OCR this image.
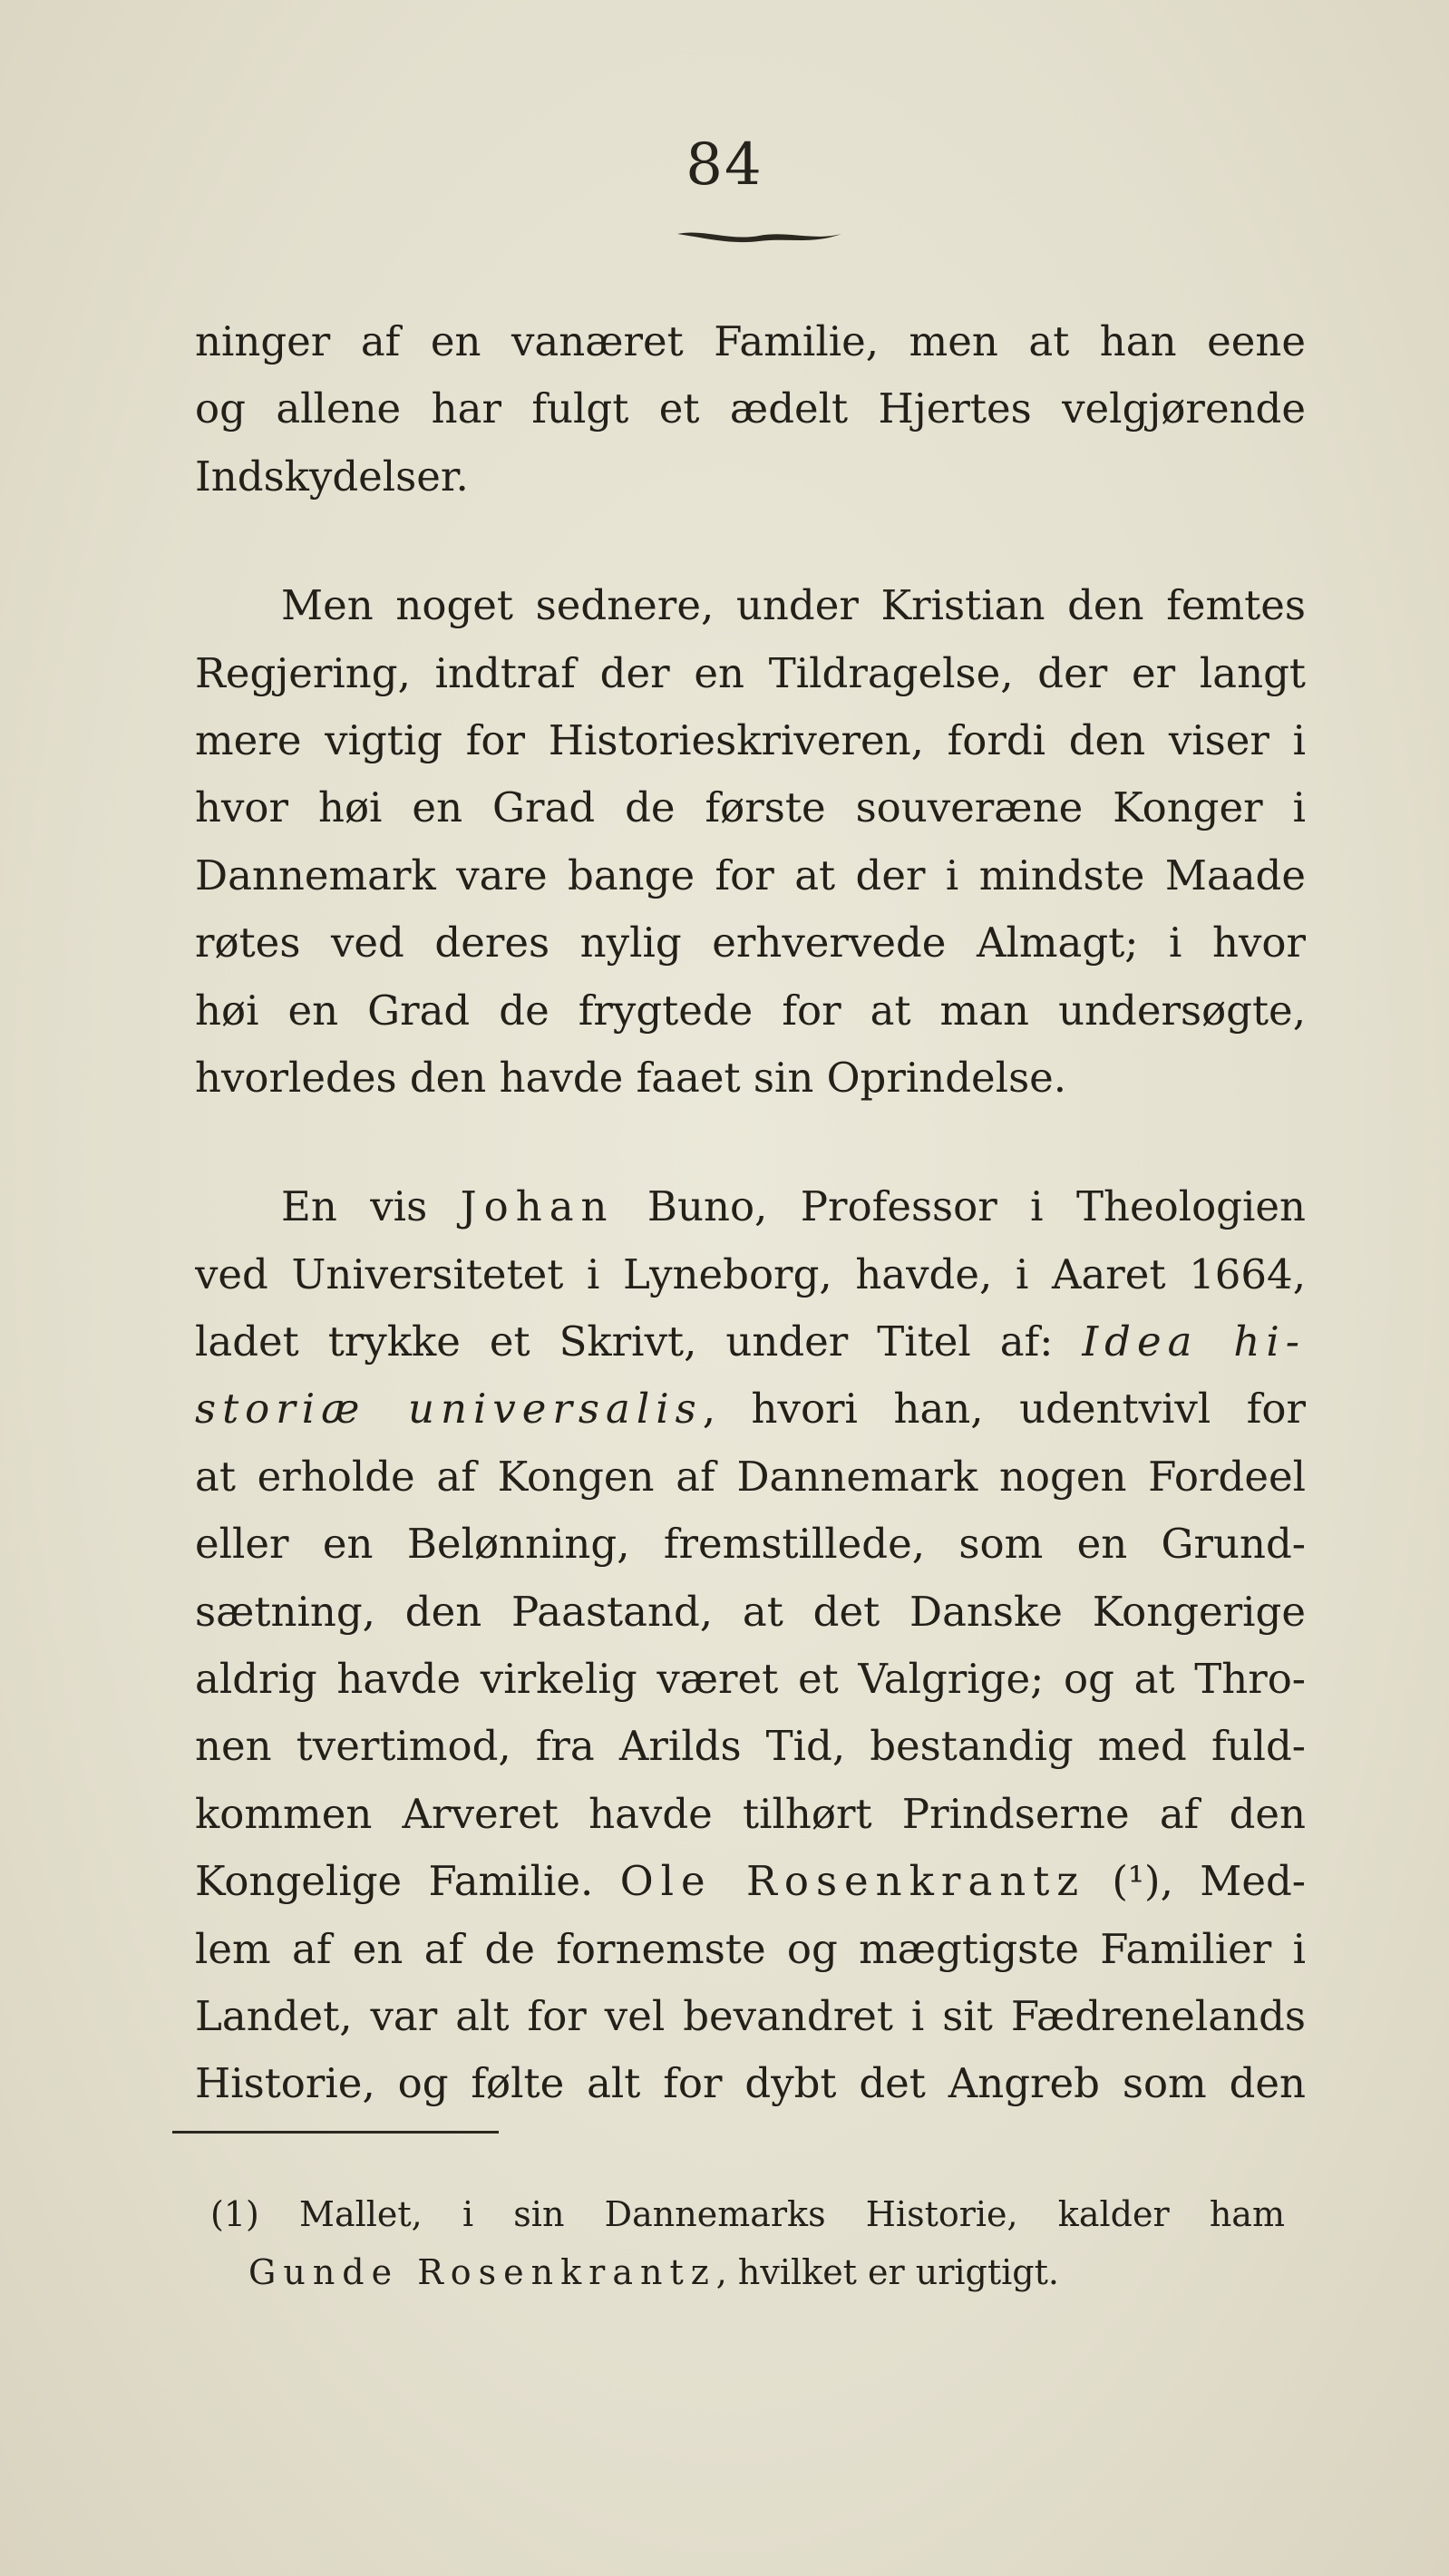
84
ninger af en vanæret Familie, men at han eene
og allene har fulgt et ædelt Hjertes velgjørende
Indskydelser.
Men noget sednere, under Kristian den femtes
Regjering, indtraf der en Tildragelse, der er langt
mere vigtig for Historieskriveren, fordi den viser i
hvor høi en Grad de første souveræne Konger i
Dannemark vare bange for at der i mindste Maade
røtes ved deres nylig erhvervede Almagt; i hvor
høi en Grad de frygtede for at man undersøgte,
hvorledes den havde faaet sin Oprindelse.
En vis Johan Buno, Professor i Theologien
ved Universitetet i Lyneborg, havde, i Aaret 1664,
ladet trykke et Skrivt, under Titel af: Idea hi-
storiæ universalis, hvori han, udentvivl for
at erholde af Kongen af Dannemark nogen Fordeel
eller en Belønning, fremstillede, som en Grund-
sætning, den Paastand, at det Danske Kongerige
aldrig havde virkelig været et Valgrige; og at Thro-
nen tvertimod, fra Arilds Tid, bestandig med fuld-
kommen Arveret havde tilhørt Prindserne af den
Kongelige Familie. Ole Rosenkrantz (¹), Med-
lem af en af de fornemste og mægtigste Familier i
Landet, var alt for vel bevandret i sit Fædrenelands
Historie, og følte alt for dybt det Angreb som den
(1) Mallet, i sin Dannemarks Historie, kalder ham
Gunde Rosenkrantz, hvilket er urigtigt.
